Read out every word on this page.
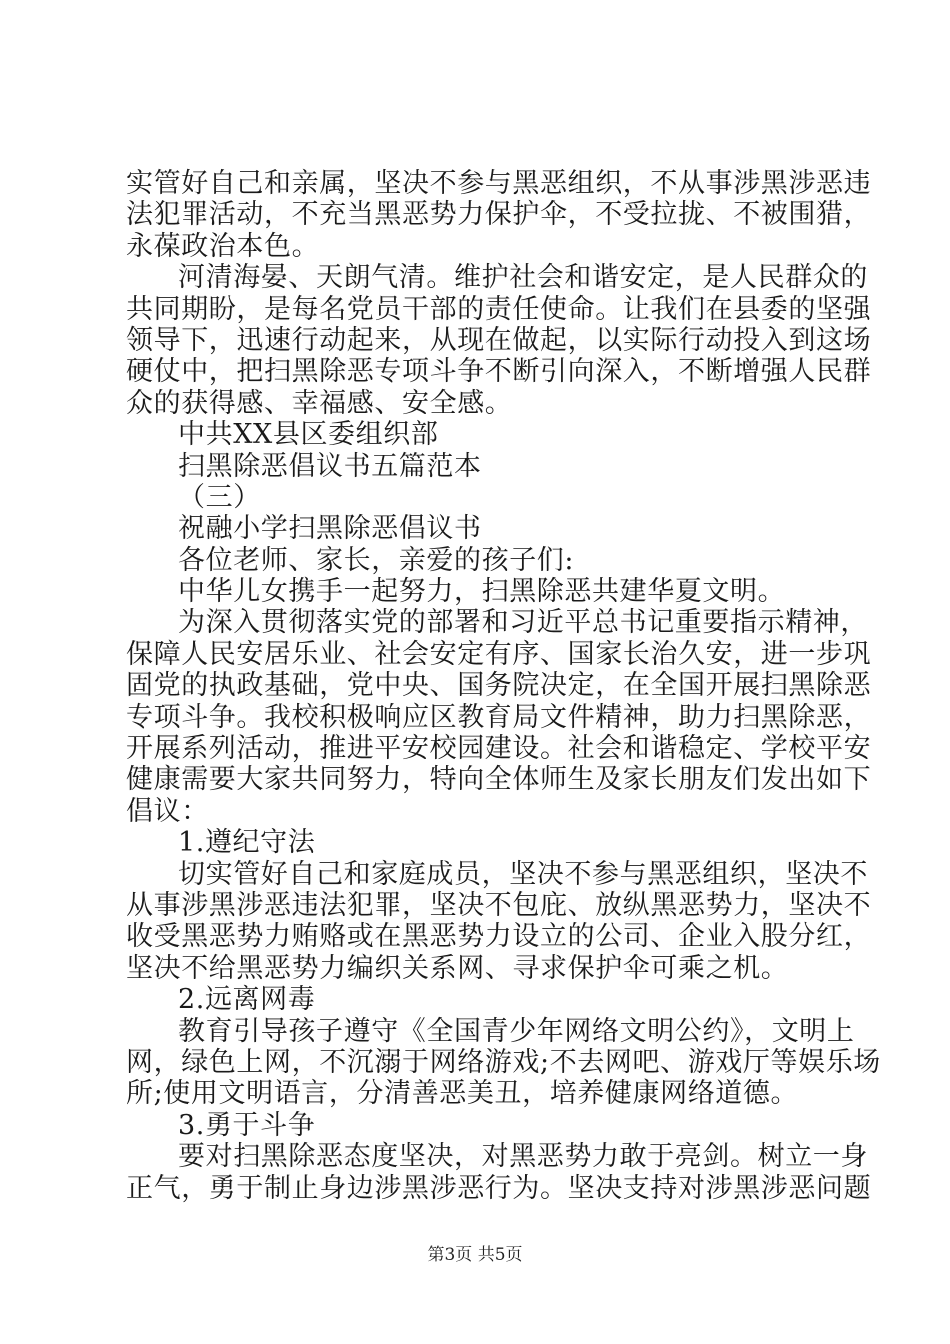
实管好自己和亲属，坚决不参与黑恶组织，不从事涉黑涉恶违
法犯罪活动，不充当黑恶势力保护伞，不受拉拢、不被围猎，
永葆政治本色。
河清海晏、天朗气清。维护社会和谐安定，是人民群众的
共同期盼，是每名党员干部的责任使命。让我们在县委的坚强
领导下，迅速行动起来，从现在做起，以实际行动投入到这场
硬仗中，把扫黑除恶专项斗争不断引向深入，不断增强人民群
众的获得感、幸福感、安全感。
中共XX县区委组织部
扫黑除恶倡议书五篇范本
（三）
祝融小学扫黑除恶倡议书
各位老师、家长，亲爱的孩子们:
中华儿女携手一起努力，扫黑除恶共建华夏文明。
为深入贯彻落实党的部署和习近平总书记重要指示精神，
保障人民安居乐业、社会安定有序、国家长治久安，进一步巩
固党的执政基础，党中央、国务院决定，在全国开展扫黑除恶
专项斗争。我校积极响应区教育局文件精神，助力扫黑除恶，
开展系列活动，推进平安校园建设。社会和谐稳定、学校平安
健康需要大家共同努力，特向全体师生及家长朋友们发出如下
倡议：
1.遵纪守法
切实管好自己和家庭成员，坚决不参与黑恶组织，坚决不
从事涉黑涉恶违法犯罪，坚决不包庇、放纵黑恶势力，坚决不
收受黑恶势力贿赂或在黑恶势力设立的公司、企业入股分红，
坚决不给黑恶势力编织关系网、寻求保护伞可乘之机。
2.远离网毒
教育引导孩子遵守《全国青少年网络文明公约》，文明上
网，绿色上网，不沉溺于网络游戏;不去网吧、游戏厅等娱乐场
所;使用文明语言，分清善恶美丑，培养健康网络道德。
3.勇于斗争
要对扫黑除恶态度坚决，对黑恶势力敢于亮剑。树立一身
正气，勇于制止身边涉黑涉恶行为。坚决支持对涉黑涉恶问题
第3页 共5页
